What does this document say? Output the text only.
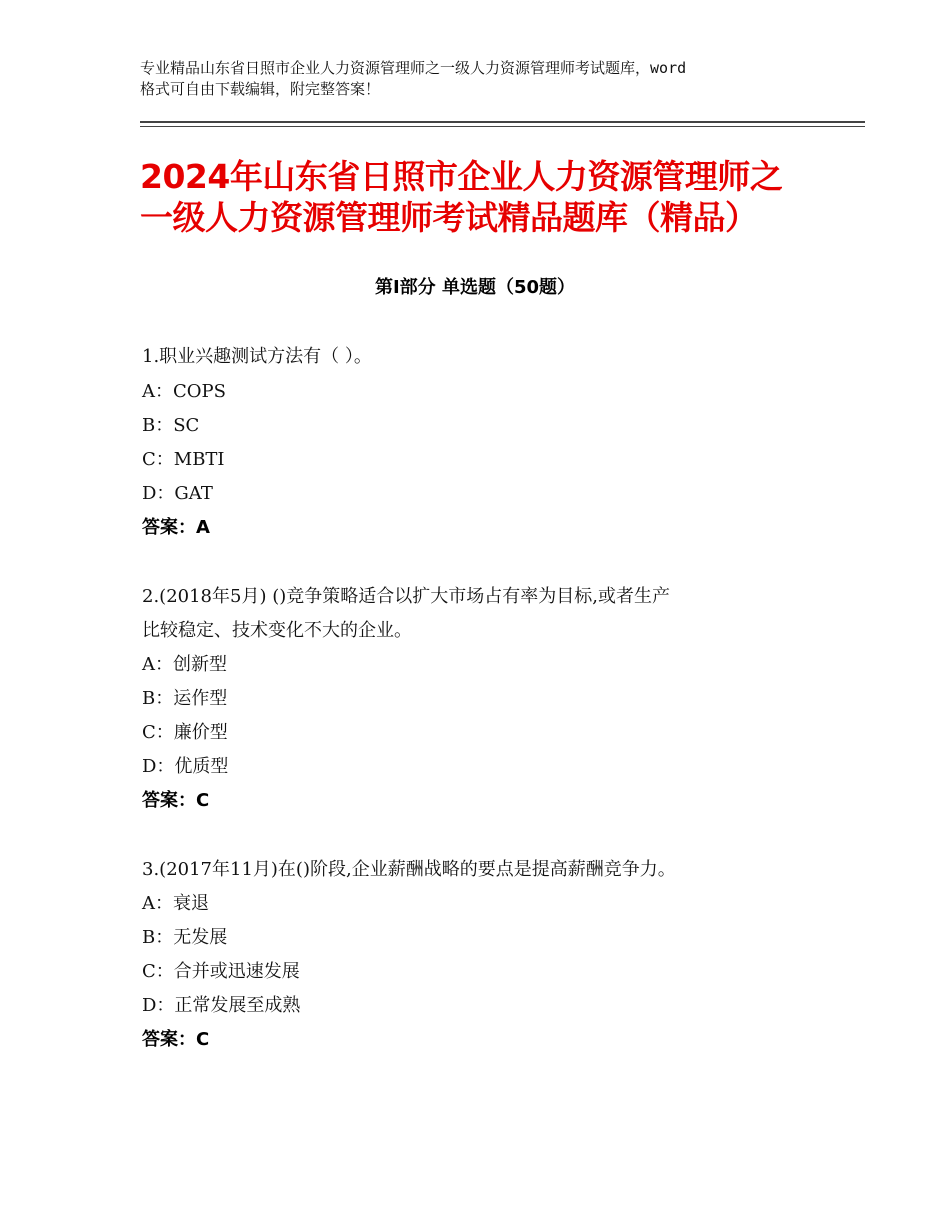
专业精品山东省日照市企业人力资源管理师之一级人力资源管理师考试题库，word
格式可自由下载编辑，附完整答案！
2024年山东省日照市企业人力资源管理师之
一级人力资源管理师考试精品题库（精品）
第Ⅰ部分 单选题（50题）
1.职业兴趣测试方法有（ ）。
A：COPS
B：SC
C：MBTI
D：GAT
答案：A
2.(2018年5月) ()竞争策略适合以扩大市场占有率为目标,或者生产
比较稳定、技术变化不大的企业。
A：创新型
B：运作型
C：廉价型
D：优质型
答案：C
3.(2017年11月)在()阶段,企业薪酬战略的要点是提高薪酬竞争力。
A：衰退
B：无发展
C：合并或迅速发展
D：正常发展至成熟
答案：C
